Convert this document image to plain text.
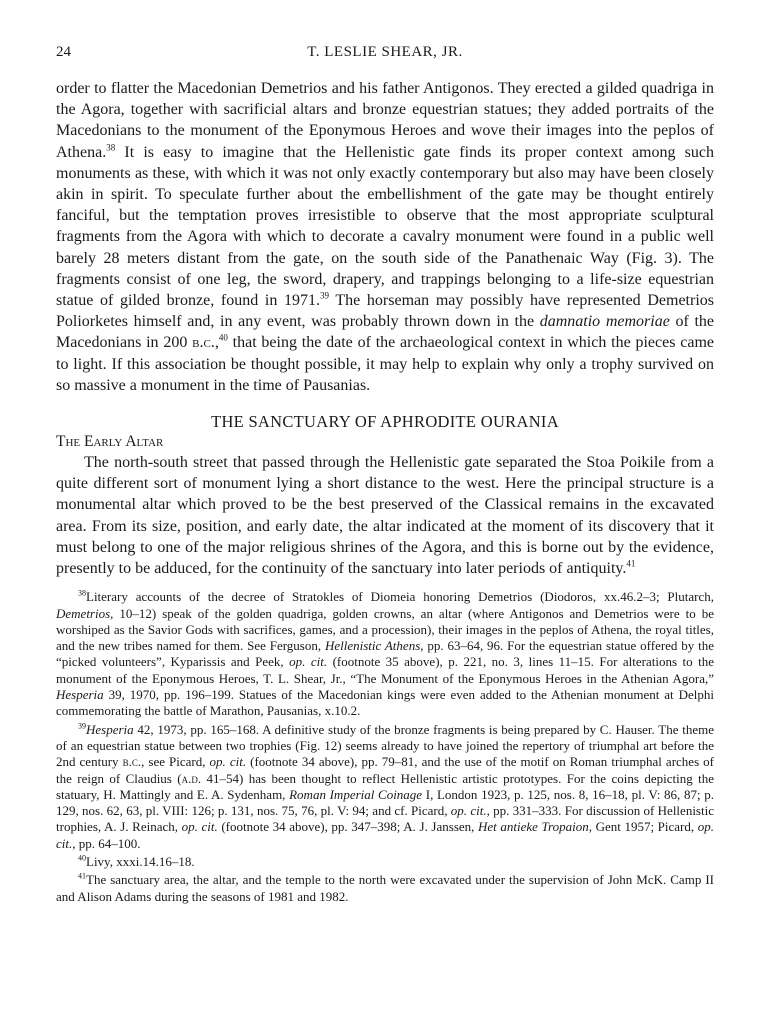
24	T. LESLIE SHEAR, JR.

order to flatter the Macedonian Demetrios and his father Antigonos. They erected a gilded quadriga in the Agora, together with sacrificial altars and bronze equestrian statues; they added portraits of the Macedonians to the monument of the Eponymous Heroes and wove their images into the peplos of Athena.$^{38}$ It is easy to imagine that the Hellenistic gate finds its proper context among such monuments as these, with which it was not only exactly contemporary but also may have been closely akin in spirit. To speculate further about the embellishment of the gate may be thought entirely fanciful, but the temptation proves irresistible to observe that the most appropriate sculptural fragments from the Agora with which to decorate a cavalry monument were found in a public well barely 28 meters distant from the gate, on the south side of the Panathenaic Way (Fig. 3). The fragments consist of one leg, the sword, drapery, and trappings belonging to a life-size equestrian statue of gilded bronze, found in 1971.39 The horseman may possibly have represented Demetrios Poliorketes himself and, in any event, was probably thrown down in the damnatio memoriae of the Macedonians in 200 b.c.,$^{40}$ that being the date of the archaeological context in which the pieces came to light. If this association be thought possible, it may help to explain why only a trophy survived on so massive a monument in the time of Pausanias.

THE SANCTUARY OF APHRODITE OURANIA
The Early Altar

The north-south street that passed through the Hellenistic gate separated the Stoa Poikile from a quite different sort of monument lying a short distance to the west. Here the principal structure is a monumental altar which proved to be the best preserved of the Classical remains in the excavated area. From its size, position, and early date, the altar indicated at the moment of its discovery that it must belong to one of the major religious shrines of the Agora, and this is borne out by the evidence, presently to be adduced, for the continuity of the sanctuary into later periods of antiquity.$^{41}$

$^{38}$Literary accounts of the decree of Stratokles of Diomeia honoring Demetrios (Diodoros, xx.46.2–3; Plutarch, Demetrios, 10–12) speak of the golden quadriga, golden crowns, an altar (where Antigonos and Demetrios were to be worshiped as the Savior Gods with sacrifices, games, and a procession), their images in the peplos of Athena, the royal titles, and the new tribes named for them. See Ferguson, Hellenistic Athens, pp. 63–64, 96. For the equestrian statue offered by the “picked volunteers”, Kyparissis and Peek, op. cit. (footnote 35 above), p. 221, no. 3, lines 11–15. For alterations to the monument of the Eponymous Heroes, T. L. Shear, Jr., “The Monument of the Eponymous Heroes in the Athenian Agora,” Hesperia 39, 1970, pp. 196–199. Statues of the Macedonian kings were even added to the Athenian monument at Delphi commemorating the battle of Marathon, Pausanias, x.10.2.

$^{39}$Hesperia 42, 1973, pp. 165–168. A definitive study of the bronze fragments is being prepared by C. Hauser. The theme of an equestrian statue between two trophies (Fig. 12) seems already to have joined the repertory of triumphal art before the 2nd century b.c., see Picard, op. cit. (footnote 34 above), pp. 79–81, and the use of the motif on Roman triumphal arches of the reign of Claudius (a.d. 41–54) has been thought to reflect Hellenistic artistic prototypes. For the coins depicting the statuary, H. Mattingly and E. A. Sydenham, Roman Imperial Coinage I, London 1923, p. 125, nos. 8, 16–18, pl. V: 86, 87; p. 129, nos. 62, 63, pl. VIII: 126; p. 131, nos. 75, 76, pl. V: 94; and cf. Picard, op. cit., pp. 331–333. For discussion of Hellenistic trophies, A. J. Reinach, op. cit. (footnote 34 above), pp. 347–398; A. J. Janssen, Het antieke Tropaion, Gent 1957; Picard, op. cit., pp. 64–100.

$^{40}$Livy, xxxi.14.16–18.

$^{41}$The sanctuary area, the altar, and the temple to the north were excavated under the supervision of John McK. Camp II and Alison Adams during the seasons of 1981 and 1982.
